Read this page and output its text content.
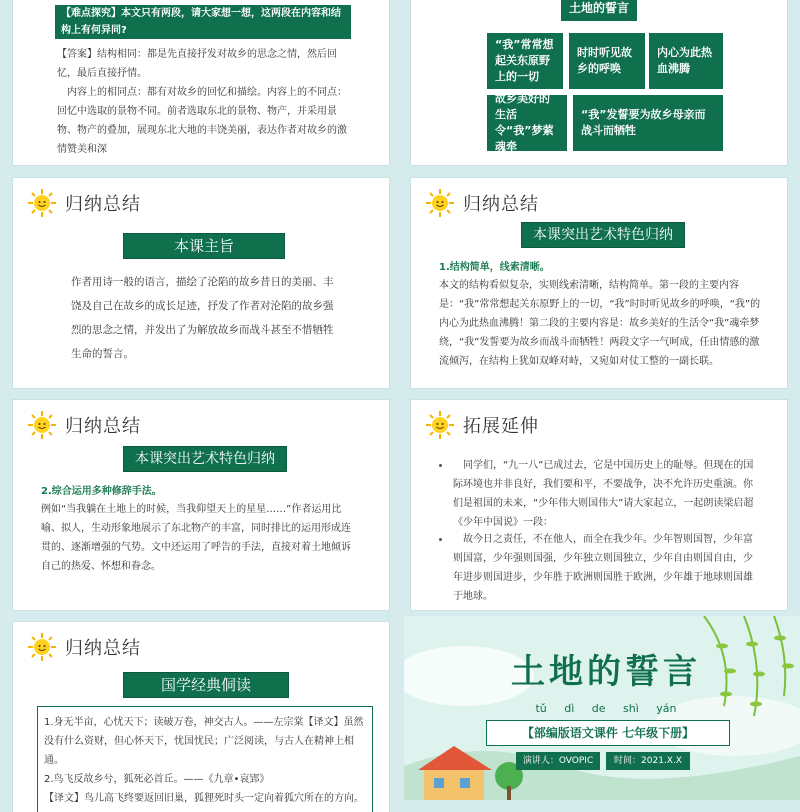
【难点探究】本文只有两段，请大家想一想，这两段在内容和结构上有何异同?

【答案】结构相同：都是先直接抒发对故乡的思念之情，然后回忆，最后直接抒情。

内容上的相同点：都有对故乡的回忆和描绘。内容上的不同点：回忆中选取的景物不同。前者选取东北的景物、物产，并采用景物、物产的叠加，展现东北大地的丰饶美丽，表达作者对故乡的激情赞美和深

土地的誓言
“我”常常想起关东原野上的一切
时时听见故乡的呼唤
内心为此热血沸腾
故乡美好的生活令“我”梦萦魂牵
“我”发誓要为故乡母亲而战斗而牺牲
归纳总结
本课主旨
作者用诗一般的语言，描绘了沦陷的故乡昔日的美丽、丰饶及自己在故乡的成长足迹，抒发了作者对沦陷的故乡强烈的思念之情，并发出了为解放故乡而战斗甚至不惜牺牲生命的誓言。
归纳总结
本课突出艺术特色归纳
1.结构简单，线索清晰。
本文的结构看似复杂，实则线索清晰，结构简单。第一段的主要内容是：“我”常常想起关东原野上的一切，“我”时时听见故乡的呼唤，“我”的内心为此热血沸腾！第二段的主要内容是：故乡美好的生活令“我”魂牵梦绕，“我”发誓要为故乡而战斗而牺牲！两段文字一气呵成，任由情感的激流倾泻，在结构上犹如双峰对峙，又宛如对仗工整的一副长联。
归纳总结
本课突出艺术特色归纳
2.综合运用多种修辞手法。
例如“当我躺在土地上的时候，当我仰望天上的星星……”作者运用比喻、拟人，生动形象地展示了东北物产的丰富，同时排比的运用形成连贯的、逐渐增强的气势。文中还运用了呼告的手法，直接对着土地倾诉自己的热爱、怀想和眷念。
拓展延伸
同学们，“九一八”已成过去，它是中国历史上的耻辱。但现在的国际环境也并非良好，我们要和平，不要战争，决不允许历史重演。你们是祖国的未来，“少年伟大则国伟大”请大家起立，一起朗读梁启超《少年中国说》一段：
故今日之责任，不在他人，而全在我少年。少年智则国智，少年富则国富，少年强则国强，少年独立则国独立，少年自由则国自由，少年进步则国进步，少年胜于欧洲则国胜于欧洲，少年雄于地球则国雄于地球。
归纳总结
国学经典侗读
1.身无半亩，心忧天下；读破万卷，神交古人。——左宗棠【译文】虽然没有什么资财，但心怀天下，忧国忧民；广泛阅读，与古人在精神上相通。
2.鸟飞反故乡兮，狐死必首丘。——《九章•哀郢》
【译文】鸟儿高飞终要返回旧巢，狐狸死时头一定向着狐穴所在的方向。
土地的誓言
tǔ dì de shì yán
【部编版语文课件 七年级下册】
演讲人：OVOPIC	时间：2021.X.X
